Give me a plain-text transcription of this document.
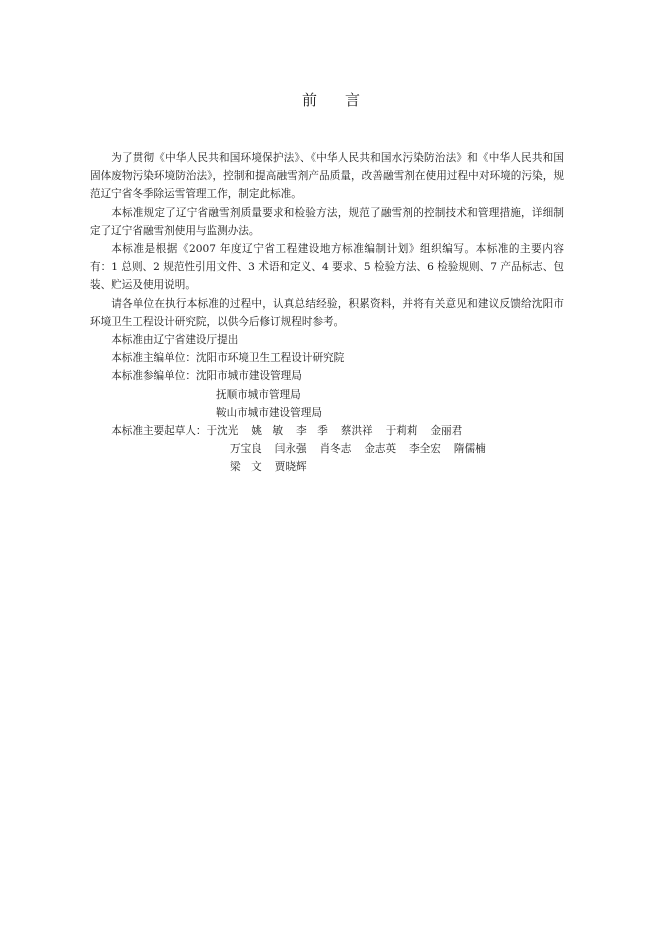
前 言

为了贯彻《中华人民共和国环境保护法》、《中华人民共和国水污染防治法》和《中华人民共和国固体废物污染环境防治法》，控制和提高融雪剂产品质量，改善融雪剂在使用过程中对环境的污染，规范辽宁省冬季除运雪管理工作，制定此标准。

本标准规定了辽宁省融雪剂质量要求和检验方法，规范了融雪剂的控制技术和管理措施，详细制定了辽宁省融雪剂使用与监测办法。

本标准是根据《2007 年度辽宁省工程建设地方标准编制计划》组织编写。本标准的主要内容有：1 总则、2 规范性引用文件、3 术语和定义、4 要求、5 检验方法、6 检验规则、7 产品标志、包装、贮运及使用说明。

请各单位在执行本标准的过程中，认真总结经验，积累资料，并将有关意见和建议反馈给沈阳市环境卫生工程设计研究院，以供今后修订规程时参考。

本标准由辽宁省建设厅提出

本标准主编单位：沈阳市环境卫生工程设计研究院

本标准参编单位：沈阳市城市建设管理局

抚顺市城市管理局

鞍山市城市建设管理局

本标准主要起草人：于沈光 姚　敏 李　季 蔡洪祥 于莉莉 金丽君

万宝良 闫永强 肖冬志 金志英 李全宏 隋儒楠

梁　文 贾晓辉
